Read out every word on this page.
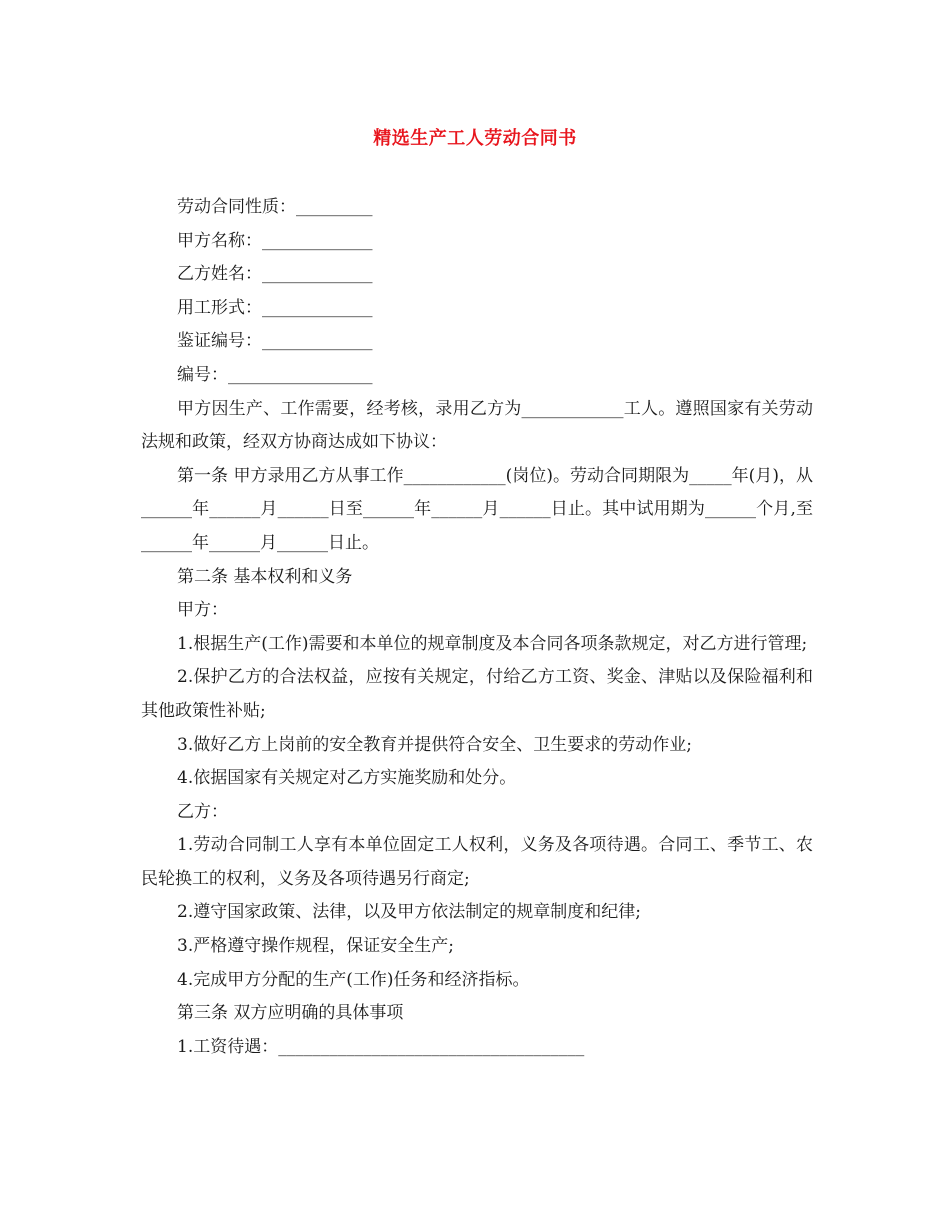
精选生产工人劳动合同书

劳动合同性质：_________

甲方名称：_____________

乙方姓名：_____________

用工形式：_____________

鉴证编号：_____________

编号：_________________

甲方因生产、工作需要，经考核，录用乙方为____________工人。遵照国家有关劳动法规和政策，经双方协商达成如下协议：

第一条 甲方录用乙方从事工作____________(岗位)。劳动合同期限为_____年(月)，从______年______月______日至______年______月______日止。其中试用期为______个月,至______年______月______日止。

第二条 基本权利和义务

甲方：

1.根据生产(工作)需要和本单位的规章制度及本合同各项条款规定，对乙方进行管理;

2.保护乙方的合法权益，应按有关规定，付给乙方工资、奖金、津贴以及保险福利和其他政策性补贴;

3.做好乙方上岗前的安全教育并提供符合安全、卫生要求的劳动作业;

4.依据国家有关规定对乙方实施奖励和处分。

乙方：

1.劳动合同制工人享有本单位固定工人权利，义务及各项待遇。合同工、季节工、农民轮换工的权利，义务及各项待遇另行商定;

2.遵守国家政策、法律，以及甲方依法制定的规章制度和纪律;

3.严格遵守操作规程，保证安全生产;

4.完成甲方分配的生产(工作)任务和经济指标。

第三条 双方应明确的具体事项

1.工资待遇：____________________________________
